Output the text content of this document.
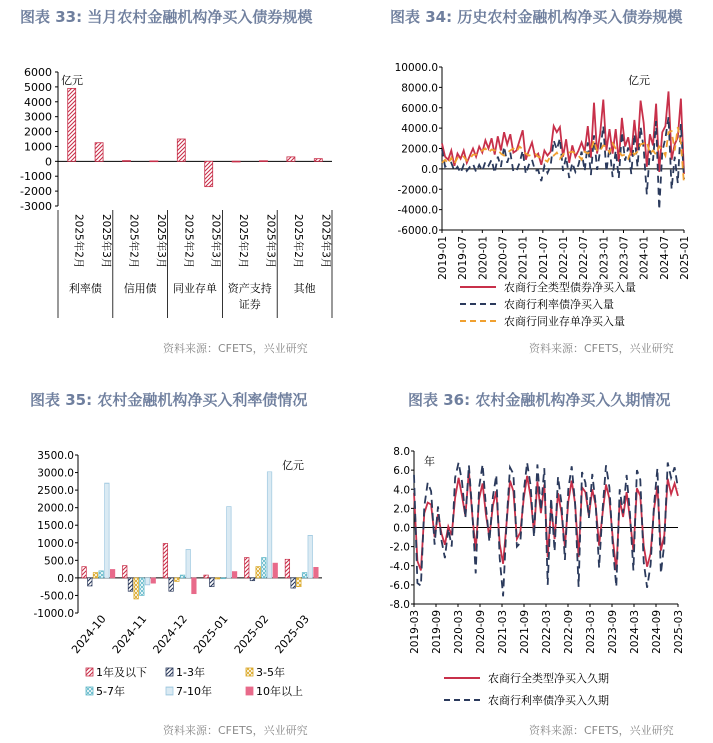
图表 33: 当月农村金融机构净买入债券规模
6000
5000
4000
3000
2000
1000
0
-1000
-2000
-3000
亿元
2025年2月 2025年3月 2025年2月 2025年3月 2025年2月 2025年3月 2025年2月 2025年3月 2025年2月 2025年3月
利率债 信用债 同业存单 资产支持
证券
其他
资料来源：CFETS，兴业研究
图表 34: 历史农村金融机构净买入债券规模
10000.0
8000.0
6000.0
4000.0
2000.0
0.0
-2000.0
-4000.0
-6000.0
亿元
2019-01 2019-07 2020-01 2020-07 2021-01 2021-07 2022-01 2022-07 2023-01 2023-07 2024-01 2024-07 2025-01
农商行全类型债券净买入量
农商行利率债净买入量
农商行同业存单净买入量
资料来源：CFETS，兴业研究
图表 35: 农村金融机构净买入利率债情况
3500.0
3000.0
2500.0
2000.0
1500.0
1000.0
500.0
0.0
-500.0
-1000.0
亿元
2024-10 2024-11 2024-12 2025-01 2025-02 2025-03
1年及以下	1-3年	3-5年
5-7年	7-10年	10年以上
资料来源：CFETS，兴业研究
图表 36: 农村金融机构净买入久期情况
8.0
6.0
4.0
2.0
0.0
-2.0
-4.0
-6.0
-8.0
年
2019-03 2019-09 2020-03 2020-09 2021-03 2021-09 2022-03 2022-09 2023-03 2023-09 2024-03 2024-09 2025-03
农商行全类型净买入久期
农商行利率债净买入久期
资料来源：CFETS，兴业研究
